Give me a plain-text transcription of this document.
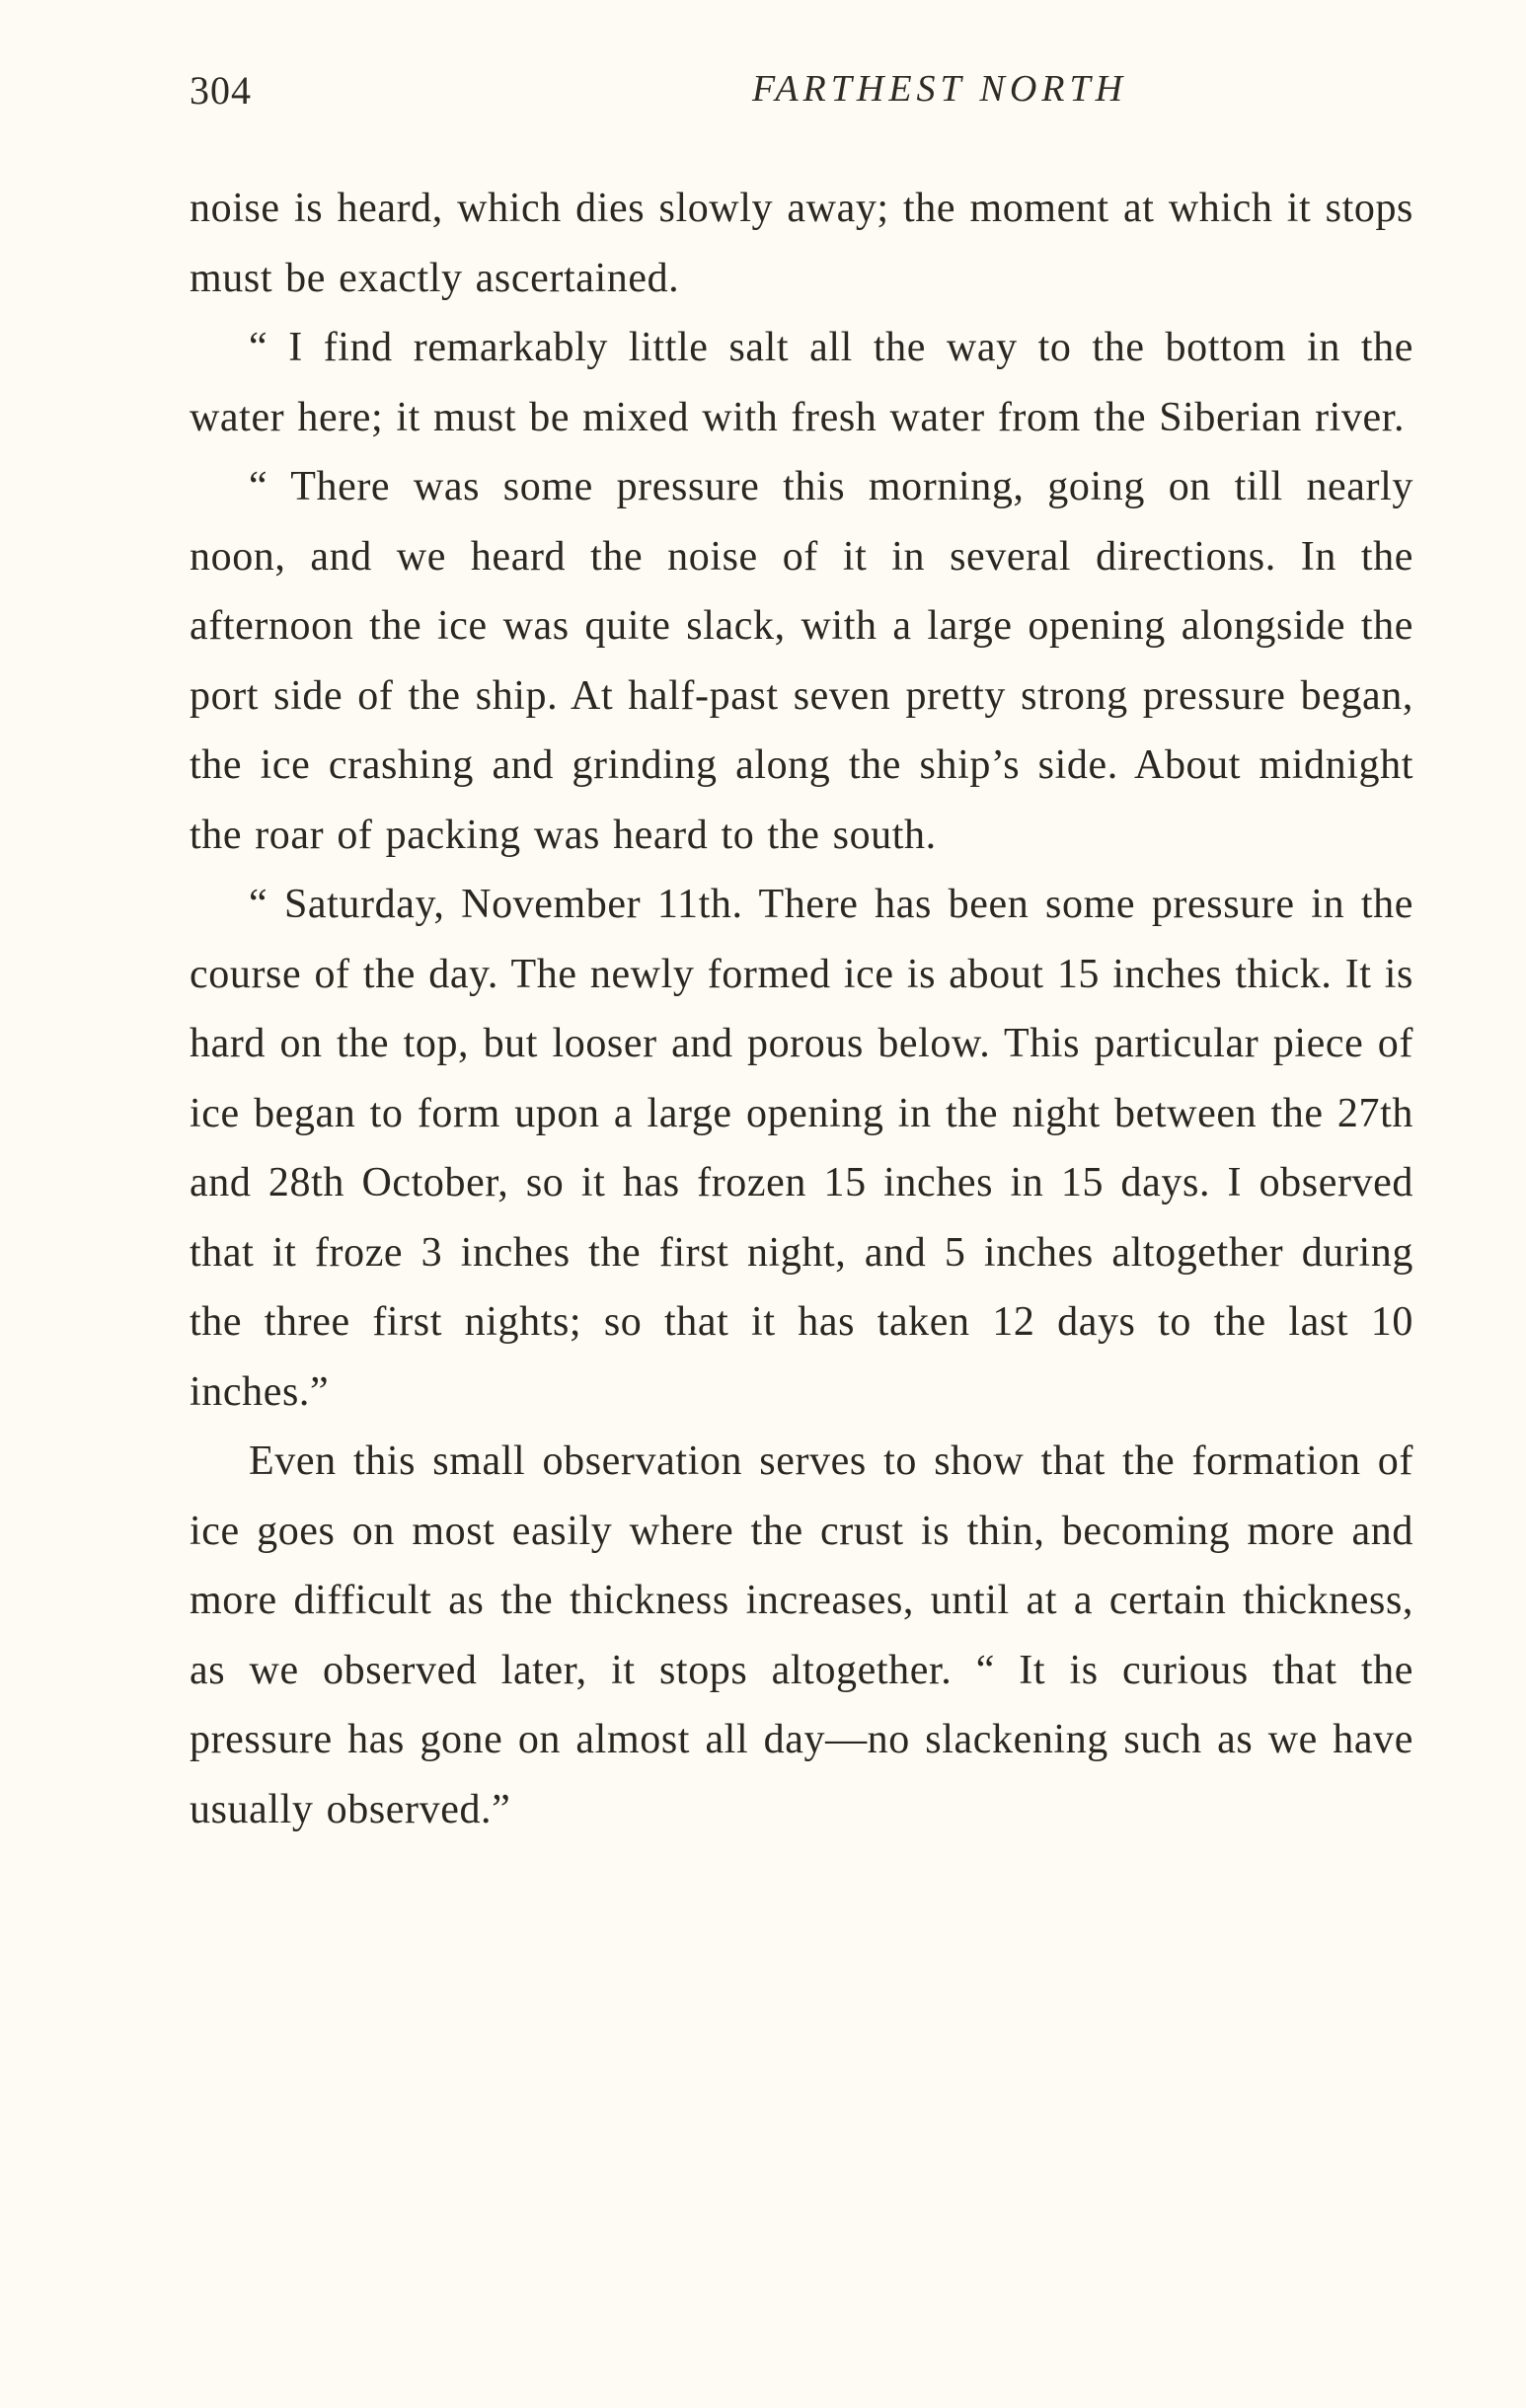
304	FARTHEST NORTH

noise is heard, which dies slowly away; the moment at which it stops must be exactly ascertained.

“ I find remarkably little salt all the way to the bottom in the water here; it must be mixed with fresh water from the Siberian river.

“ There was some pressure this morning, going on till nearly noon, and we heard the noise of it in several directions. In the afternoon the ice was quite slack, with a large opening alongside the port side of the ship. At half-past seven pretty strong pressure began, the ice crashing and grinding along the ship’s side. About midnight the roar of packing was heard to the south.

“ Saturday, November 11th. There has been some pressure in the course of the day. The newly formed ice is about 15 inches thick. It is hard on the top, but looser and porous below. This particular piece of ice began to form upon a large opening in the night between the 27th and 28th October, so it has frozen 15 inches in 15 days. I observed that it froze 3 inches the first night, and 5 inches altogether during the three first nights; so that it has taken 12 days to the last 10 inches.”

Even this small observation serves to show that the formation of ice goes on most easily where the crust is thin, becoming more and more difficult as the thickness increases, until at a certain thickness, as we observed later, it stops altogether. “ It is curious that the pressure has gone on almost all day—no slackening such as we have usually observed.”
